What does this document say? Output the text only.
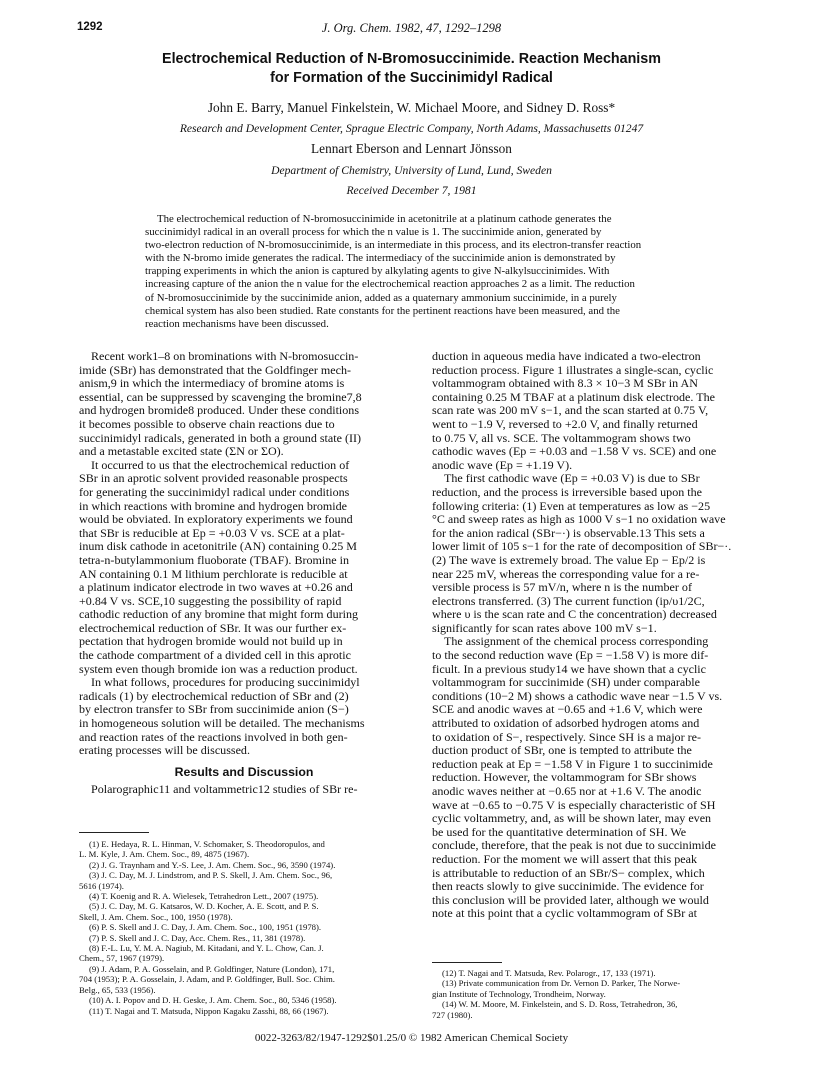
1292	J. Org. Chem. 1982, 47, 1292–1298
Electrochemical Reduction of N-Bromosuccinimide. Reaction Mechanism
for Formation of the Succinimidyl Radical
John E. Barry, Manuel Finkelstein, W. Michael Moore, and Sidney D. Ross*
Research and Development Center, Sprague Electric Company, North Adams, Massachusetts 01247
Lennart Eberson and Lennart Jönsson
Department of Chemistry, University of Lund, Lund, Sweden
Received December 7, 1981

The electrochemical reduction of N-bromosuccinimide in acetonitrile at a platinum cathode generates the
succinimidyl radical in an overall process for which the n value is 1. The succinimide anion, generated by
two-electron reduction of N-bromosuccinimide, is an intermediate in this process, and its electron-transfer reaction
with the N-bromo imide generates the radical. The intermediacy of the succinimide anion is demonstrated by
trapping experiments in which the anion is captured by alkylating agents to give N-alkylsuccinimides. With
increasing capture of the anion the n value for the electrochemical reaction approaches 2 as a limit. The reduction
of N-bromosuccinimide by the succinimide anion, added as a quaternary ammonium succinimide, in a purely
chemical system has also been studied. Rate constants for the pertinent reactions have been measured, and the
reaction mechanisms have been discussed.

Recent work1–8 on brominations with N-bromosuccin-
imide (SBr) has demonstrated that the Goldfinger mech-
anism,9 in which the intermediacy of bromine atoms is
essential, can be suppressed by scavenging the bromine7,8
and hydrogen bromide8 produced. Under these conditions
it becomes possible to observe chain reactions due to
succinimidyl radicals, generated in both a ground state (II)
and a metastable excited state (ΣN or ΣO).
It occurred to us that the electrochemical reduction of
SBr in an aprotic solvent provided reasonable prospects
for generating the succinimidyl radical under conditions
in which reactions with bromine and hydrogen bromide
would be obviated. In exploratory experiments we found
that SBr is reducible at Ep = +0.03 V vs. SCE at a plat-
inum disk cathode in acetonitrile (AN) containing 0.25 M
tetra-n-butylammonium fluoborate (TBAF). Bromine in
AN containing 0.1 M lithium perchlorate is reducible at
a platinum indicator electrode in two waves at +0.26 and
+0.84 V vs. SCE,10 suggesting the possibility of rapid
cathodic reduction of any bromine that might form during
electrochemical reduction of SBr. It was our further ex-
pectation that hydrogen bromide would not build up in
the cathode compartment of a divided cell in this aprotic
system even though bromide ion was a reduction product.
In what follows, procedures for producing succinimidyl
radicals (1) by electrochemical reduction of SBr and (2)
by electron transfer to SBr from succinimide anion (S−)
in homogeneous solution will be detailed. The mechanisms
and reaction rates of the reactions involved in both gen-
erating processes will be discussed.
Results and Discussion
Polarographic11 and voltammetric12 studies of SBr re-
duction in aqueous media have indicated a two-electron
reduction process. Figure 1 illustrates a single-scan, cyclic
voltammogram obtained with 8.3 × 10−3 M SBr in AN
containing 0.25 M TBAF at a platinum disk electrode. The
scan rate was 200 mV s−1, and the scan started at 0.75 V,
went to −1.9 V, reversed to +2.0 V, and finally returned
to 0.75 V, all vs. SCE. The voltammogram shows two
cathodic waves (Ep = +0.03 and −1.58 V vs. SCE) and one
anodic wave (Ep = +1.19 V).
The first cathodic wave (Ep = +0.03 V) is due to SBr
reduction, and the process is irreversible based upon the
following criteria: (1) Even at temperatures as low as −25
°C and sweep rates as high as 1000 V s−1 no oxidation wave
for the anion radical (SBr−·) is observable.13 This sets a
lower limit of 105 s−1 for the rate of decomposition of SBr−·.
(2) The wave is extremely broad. The value Ep − Ep/2 is
near 225 mV, whereas the corresponding value for a re-
versible process is 57 mV/n, where n is the number of
electrons transferred. (3) The current function (ip/υ1/2C,
where υ is the scan rate and C the concentration) decreased
significantly for scan rates above 100 mV s−1.
The assignment of the chemical process corresponding
to the second reduction wave (Ep = −1.58 V) is more dif-
ficult. In a previous study14 we have shown that a cyclic
voltammogram for succinimide (SH) under comparable
conditions (10−2 M) shows a cathodic wave near −1.5 V vs.
SCE and anodic waves at −0.65 and +1.6 V, which were
attributed to oxidation of adsorbed hydrogen atoms and
to oxidation of S−, respectively. Since SH is a major re-
duction product of SBr, one is tempted to attribute the
reduction peak at Ep = −1.58 V in Figure 1 to succinimide
reduction. However, the voltammogram for SBr shows
anodic waves neither at −0.65 nor at +1.6 V. The anodic
wave at −0.65 to −0.75 V is especially characteristic of SH
cyclic voltammetry, and, as will be shown later, may even
be used for the quantitative determination of SH. We
conclude, therefore, that the peak is not due to succinimide
reduction. For the moment we will assert that this peak
is attributable to reduction of an SBr/S− complex, which
then reacts slowly to give succinimide. The evidence for
this conclusion will be provided later, although we would
note at this point that a cyclic voltammogram of SBr at
(1) E. Hedaya, R. L. Hinman, V. Schomaker, S. Theodoropulos, and
L. M. Kyle, J. Am. Chem. Soc., 89, 4875 (1967).
(2) J. G. Traynham and Y.-S. Lee, J. Am. Chem. Soc., 96, 3590 (1974).
(3) J. C. Day, M. J. Lindstrom, and P. S. Skell, J. Am. Chem. Soc., 96,
5616 (1974).
(4) T. Koenig and R. A. Wielesek, Tetrahedron Lett., 2007 (1975).
(5) J. C. Day, M. G. Katsaros, W. D. Kocher, A. E. Scott, and P. S.
Skell, J. Am. Chem. Soc., 100, 1950 (1978).
(6) P. S. Skell and J. C. Day, J. Am. Chem. Soc., 100, 1951 (1978).
(7) P. S. Skell and J. C. Day, Acc. Chem. Res., 11, 381 (1978).
(8) F.-L. Lu, Y. M. A. Nagiub, M. Kitadani, and Y. L. Chow, Can. J.
Chem., 57, 1967 (1979).
(9) J. Adam, P. A. Gosselain, and P. Goldfinger, Nature (London), 171,
704 (1953); P. A. Gosselain, J. Adam, and P. Goldfinger, Bull. Soc. Chim.
Belg., 65, 533 (1956).
(10) A. I. Popov and D. H. Geske, J. Am. Chem. Soc., 80, 5346 (1958).
(11) T. Nagai and T. Matsuda, Nippon Kagaku Zasshi, 88, 66 (1967).
(12) T. Nagai and T. Matsuda, Rev. Polarogr., 17, 133 (1971).
(13) Private communication from Dr. Vernon D. Parker, The Norwe-
gian Institute of Technology, Trondheim, Norway.
(14) W. M. Moore, M. Finkelstein, and S. D. Ross, Tetrahedron, 36,
727 (1980).
0022-3263/82/1947-1292$01.25/0 © 1982 American Chemical Society
